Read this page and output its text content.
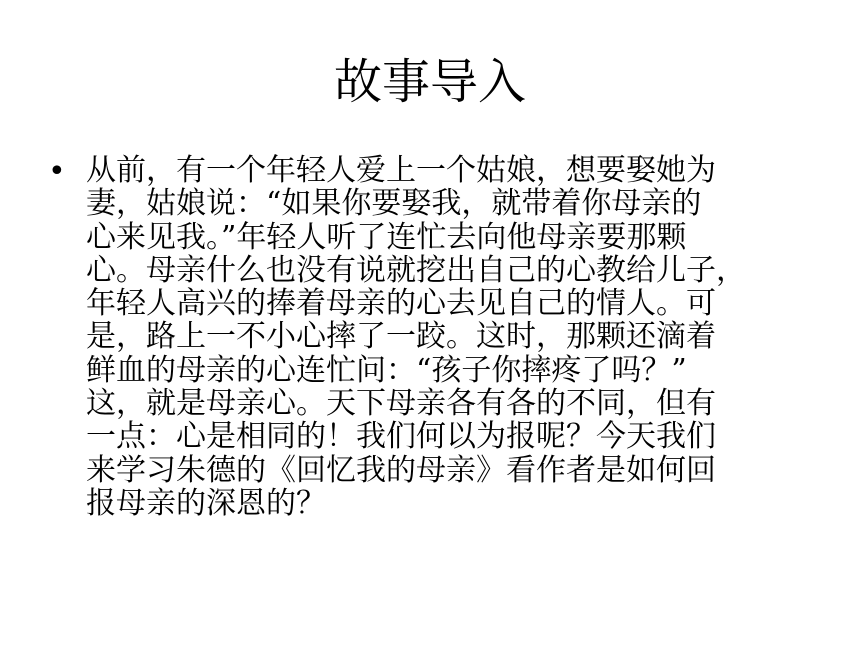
故事导入
• 从前，有一个年轻人爱上一个姑娘，想要娶她为
妻，姑娘说：“如果你要娶我，就带着你母亲的
心来见我。”年轻人听了连忙去向他母亲要那颗
心。母亲什么也没有说就挖出自己的心教给儿子，
年轻人高兴的捧着母亲的心去见自己的情人。可
是，路上一不小心摔了一跤。这时，那颗还滴着
鲜血的母亲的心连忙问：“孩子你摔疼了吗？”
这，就是母亲心。天下母亲各有各的不同，但有
一点：心是相同的！我们何以为报呢？今天我们
来学习朱德的《回忆我的母亲》看作者是如何回
报母亲的深恩的？
